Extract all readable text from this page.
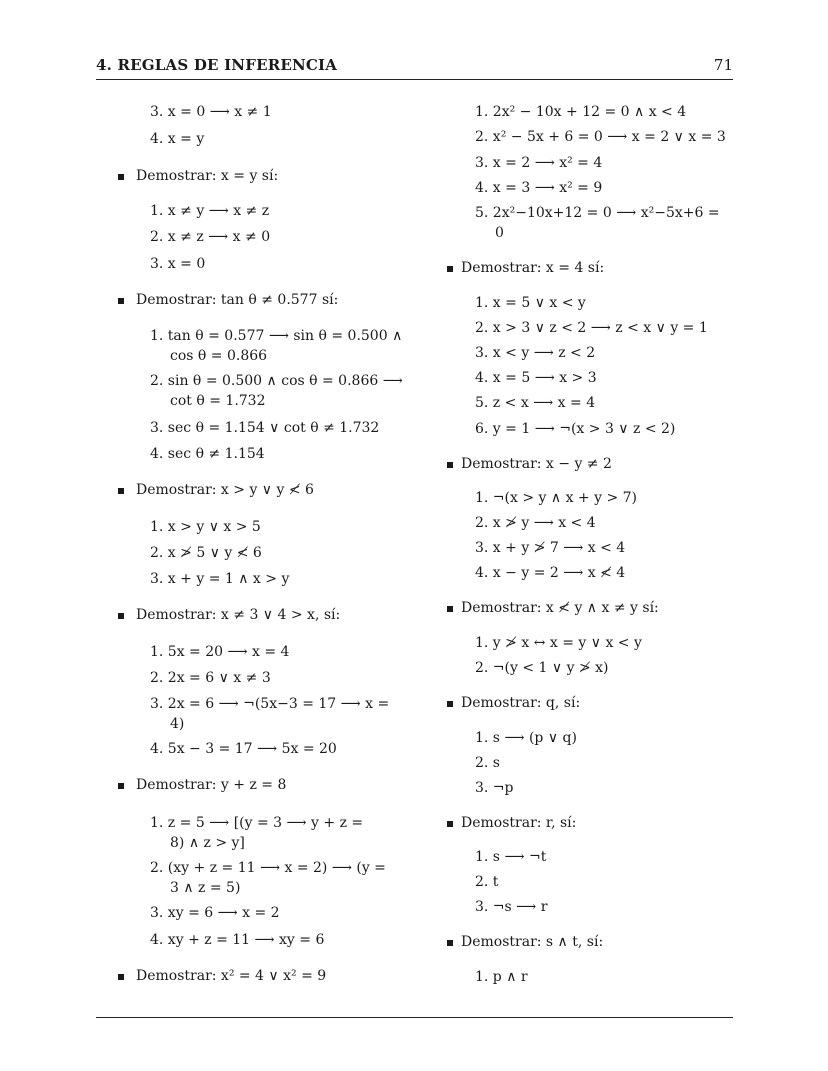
4. REGLAS DE INFERENCIA	71
3. x = 0 ⟶ x ≠ 1
4. x = y
Demostrar: x = y sí:
1. x ≠ y ⟶ x ≠ z
2. x ≠ z ⟶ x ≠ 0
3. x = 0
Demostrar: tan θ ≠ 0.577 sí:
1. tan θ = 0.577 ⟶ sin θ = 0.500 ∧
cos θ = 0.866
2. sin θ = 0.500 ∧ cos θ = 0.866 ⟶
cot θ = 1.732
3. sec θ = 1.154 ∨ cot θ ≠ 1.732
4. sec θ ≠ 1.154
Demostrar: x > y ∨ y ≮ 6
1. x > y ∨ x > 5
2. x ≯ 5 ∨ y ≮ 6
3. x + y = 1 ∧ x > y
Demostrar: x ≠ 3 ∨ 4 > x, sí:
1. 5x = 20 ⟶ x = 4
2. 2x = 6 ∨ x ≠ 3
3. 2x = 6 ⟶ ¬(5x−3 = 17 ⟶ x =
4)
4. 5x − 3 = 17 ⟶ 5x = 20
Demostrar: y + z = 8
1. z = 5 ⟶ [(y = 3 ⟶ y + z =
8) ∧ z > y]
2. (xy + z = 11 ⟶ x = 2) ⟶ (y =
3 ∧ z = 5)
3. xy = 6 ⟶ x = 2
4. xy + z = 11 ⟶ xy = 6
Demostrar: x² = 4 ∨ x² = 9
1. 2x² − 10x + 12 = 0 ∧ x < 4
2. x² − 5x + 6 = 0 ⟶ x = 2 ∨ x = 3
3. x = 2 ⟶ x² = 4
4. x = 3 ⟶ x² = 9
5. 2x²−10x+12 = 0 ⟶ x²−5x+6 =
0
Demostrar: x = 4 sí:
1. x = 5 ∨ x < y
2. x > 3 ∨ z < 2 ⟶ z < x ∨ y = 1
3. x < y ⟶ z < 2
4. x = 5 ⟶ x > 3
5. z < x ⟶ x = 4
6. y = 1 ⟶ ¬(x > 3 ∨ z < 2)
Demostrar: x − y ≠ 2
1. ¬(x > y ∧ x + y > 7)
2. x ≯ y ⟶ x < 4
3. x + y ≯ 7 ⟶ x < 4
4. x − y = 2 ⟶ x ≮ 4
Demostrar: x ≮ y ∧ x ≠ y sí:
1. y ≯ x ↔ x = y ∨ x < y
2. ¬(y < 1 ∨ y ≯ x)
Demostrar: q, sí:
1. s ⟶ (p ∨ q)
2. s
3. ¬p
Demostrar: r, sí:
1. s ⟶ ¬t
2. t
3. ¬s ⟶ r
Demostrar: s ∧ t, sí:
1. p ∧ r
